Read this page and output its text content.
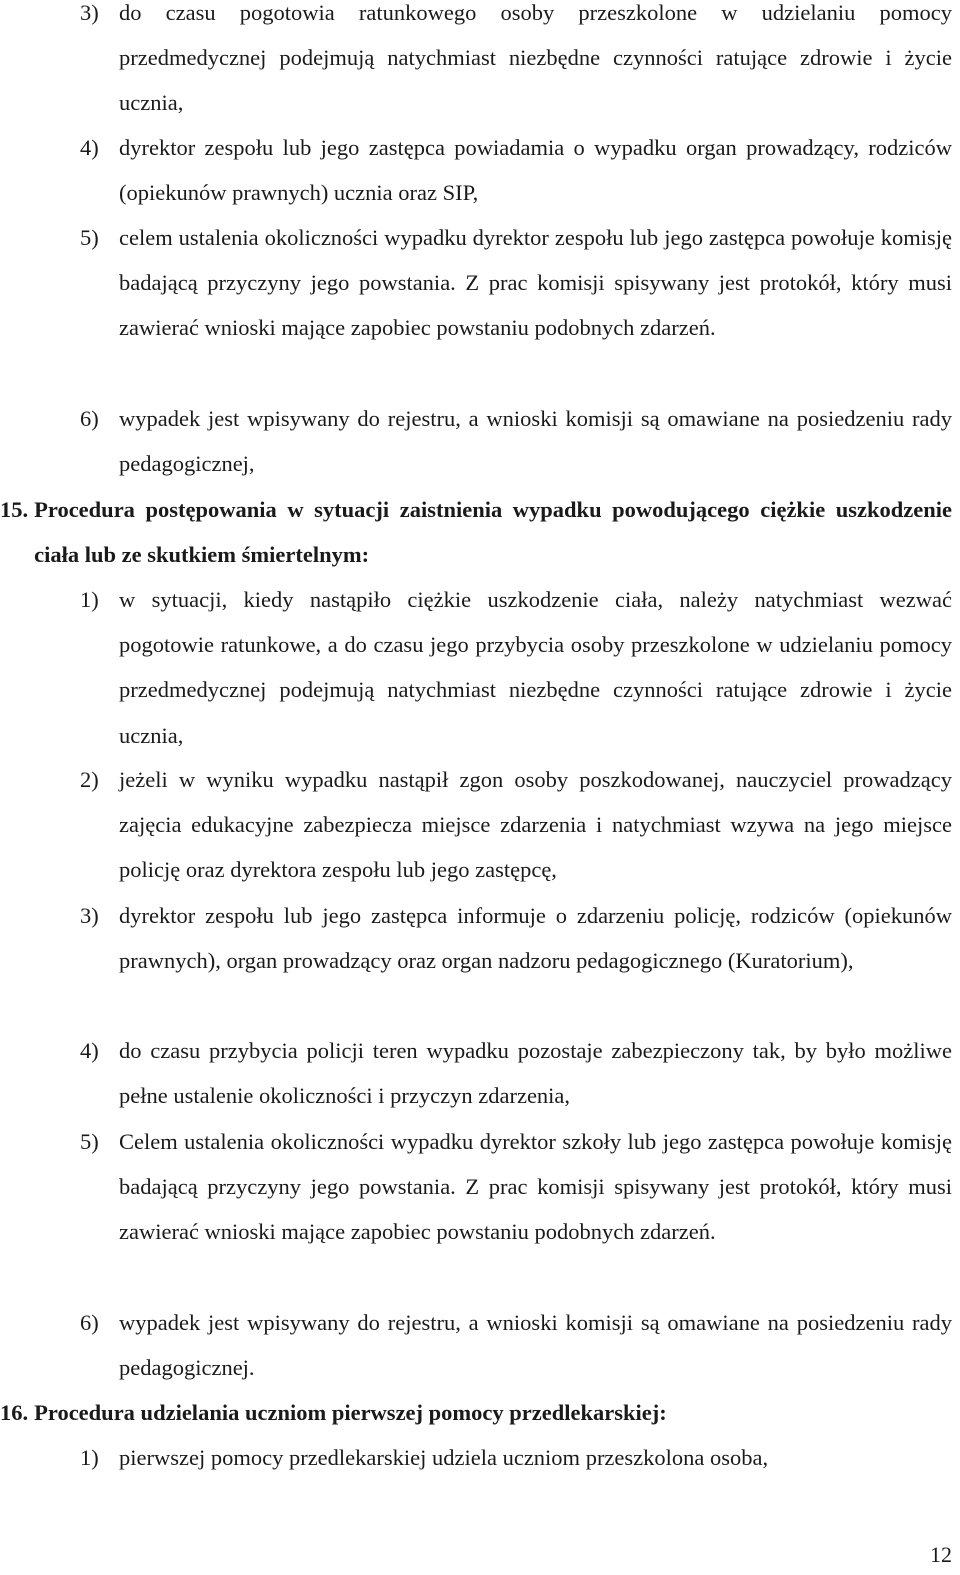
3) do czasu pogotowia ratunkowego osoby przeszkolone w udzielaniu pomocy przedmedycznej podejmują natychmiast niezbędne czynności ratujące zdrowie i życie ucznia,
4) dyrektor zespołu lub jego zastępca powiadamia o wypadku organ prowadzący, rodziców (opiekunów prawnych) ucznia oraz SIP,
5) celem ustalenia okoliczności wypadku dyrektor zespołu lub jego zastępca powołuje komisję badającą przyczyny jego powstania. Z prac komisji spisywany jest protokół, który musi zawierać wnioski mające zapobiec powstaniu podobnych zdarzeń.
6) wypadek jest wpisywany do rejestru, a wnioski komisji są omawiane na posiedzeniu rady pedagogicznej,
15. Procedura postępowania w sytuacji zaistnienia wypadku powodującego ciężkie uszkodzenie ciała lub ze skutkiem śmiertelnym:
1) w sytuacji, kiedy nastąpiło ciężkie uszkodzenie ciała, należy natychmiast wezwać pogotowie ratunkowe, a do czasu jego przybycia osoby przeszkolone w udzielaniu pomocy przedmedycznej podejmują natychmiast niezbędne czynności ratujące zdrowie i życie ucznia,
2) jeżeli w wyniku wypadku nastąpił zgon osoby poszkodowanej, nauczyciel prowadzący zajęcia edukacyjne zabezpiecza miejsce zdarzenia i natychmiast wzywa na jego miejsce policję oraz dyrektora zespołu lub jego zastępcę,
3) dyrektor zespołu lub jego zastępca informuje o zdarzeniu policję, rodziców (opiekunów prawnych), organ prowadzący oraz organ nadzoru pedagogicznego (Kuratorium),
4) do czasu przybycia policji teren wypadku pozostaje zabezpieczony tak, by było możliwe pełne ustalenie okoliczności i przyczyn zdarzenia,
5) Celem ustalenia okoliczności wypadku dyrektor szkoły lub jego zastępca powołuje komisję badającą przyczyny jego powstania. Z prac komisji spisywany jest protokół, który musi zawierać wnioski mające zapobiec powstaniu podobnych zdarzeń.
6) wypadek jest wpisywany do rejestru, a wnioski komisji są omawiane na posiedzeniu rady pedagogicznej.
16. Procedura udzielania uczniom pierwszej pomocy przedlekarskiej:
1) pierwszej pomocy przedlekarskiej udziela uczniom przeszkolona osoba,
12
